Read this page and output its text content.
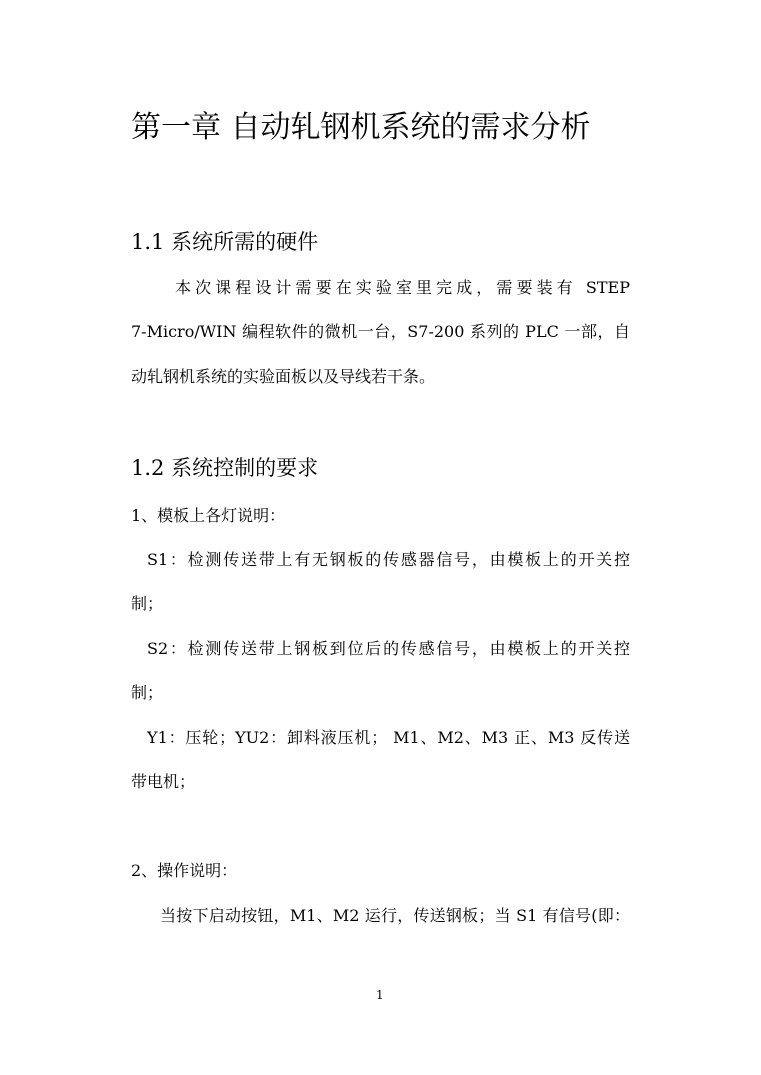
第一章 自动轧钢机系统的需求分析
1.1 系统所需的硬件
本次课程设计需要在实验室里完成，需要装有 STEP
7-Micro/WIN 编程软件的微机一台，S7-200 系列的 PLC 一部，自
动轧钢机系统的实验面板以及导线若干条。
1.2 系统控制的要求
1、模板上各灯说明：
S1：检测传送带上有无钢板的传感器信号，由模板上的开关控
制；
S2：检测传送带上钢板到位后的传感信号，由模板上的开关控
制；
Y1：压轮；YU2：卸料液压机； M1、M2、M3 正、M3 反传送
带电机；
2、操作说明：
当按下启动按钮，M1、M2 运行，传送钢板；当 S1 有信号(即：
1
